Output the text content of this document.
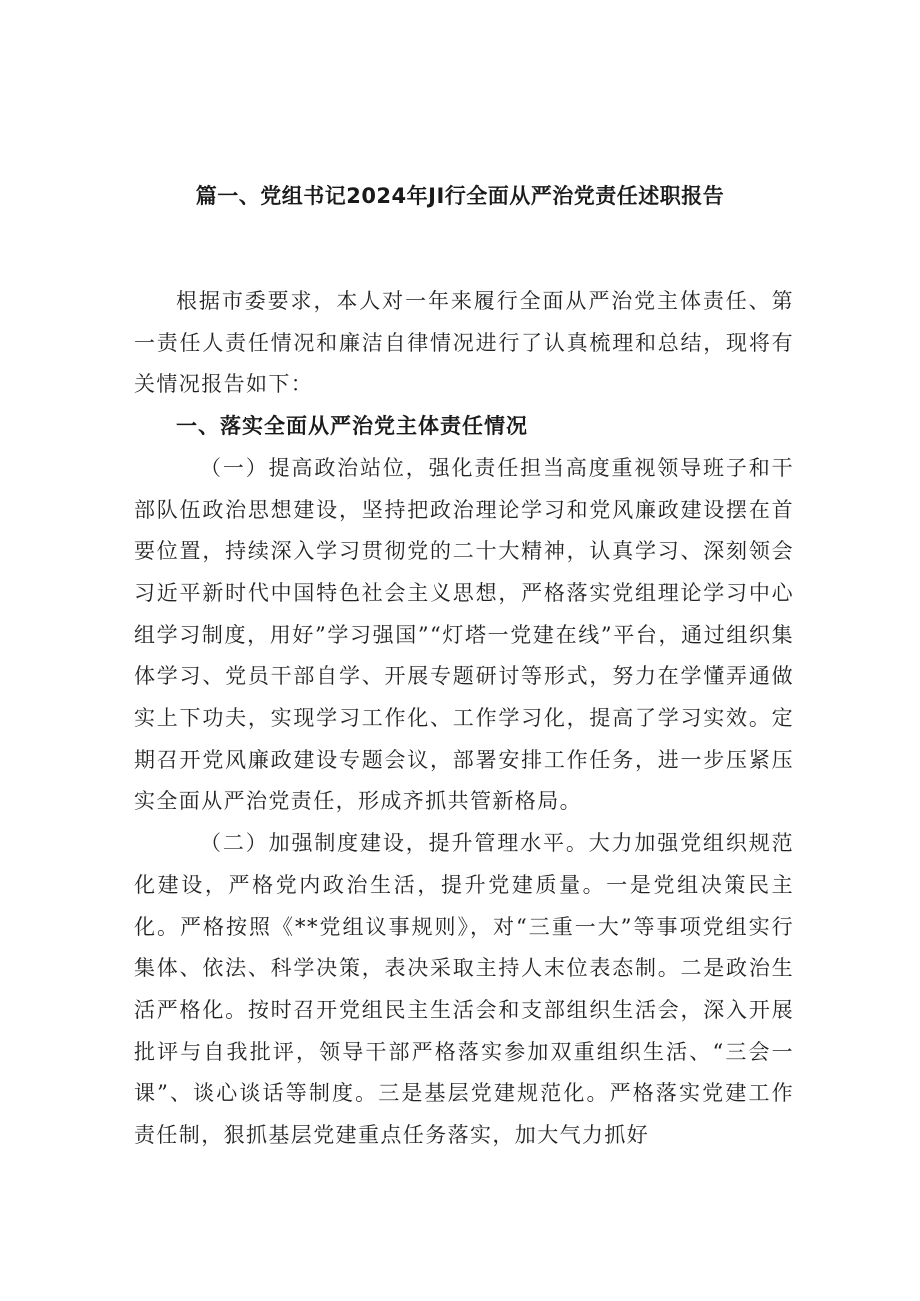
篇一、党组书记2024年JI行全面从严治党责任述职报告

根据市委要求，本人对一年来履行全面从严治党主体责任、第一责任人责任情况和廉洁自律情况进行了认真梳理和总结，现将有关情况报告如下：

一、落实全面从严治党主体责任情况

（一）提高政治站位，强化责任担当高度重视领导班子和干部队伍政治思想建设，坚持把政治理论学习和党风廉政建设摆在首要位置，持续深入学习贯彻党的二十大精神，认真学习、深刻领会习近平新时代中国特色社会主义思想，严格落实党组理论学习中心组学习制度，用好”学习强国”“灯塔一党建在线”平台，通过组织集体学习、党员干部自学、开展专题研讨等形式，努力在学懂弄通做实上下功夫，实现学习工作化、工作学习化，提高了学习实效。定期召开党风廉政建设专题会议，部署安排工作任务，进一步压紧压实全面从严治党责任，形成齐抓共管新格局。

（二）加强制度建设，提升管理水平。大力加强党组织规范化建设，严格党内政治生活，提升党建质量。一是党组决策民主化。严格按照《**党组议事规则》，对“三重一大”等事项党组实行集体、依法、科学决策，表决采取主持人末位表态制。二是政治生活严格化。按时召开党组民主生活会和支部组织生活会，深入开展批评与自我批评，领导干部严格落实参加双重组织生活、“三会一课”、谈心谈话等制度。三是基层党建规范化。严格落实党建工作责任制，狠抓基层党建重点任务落实，加大气力抓好
